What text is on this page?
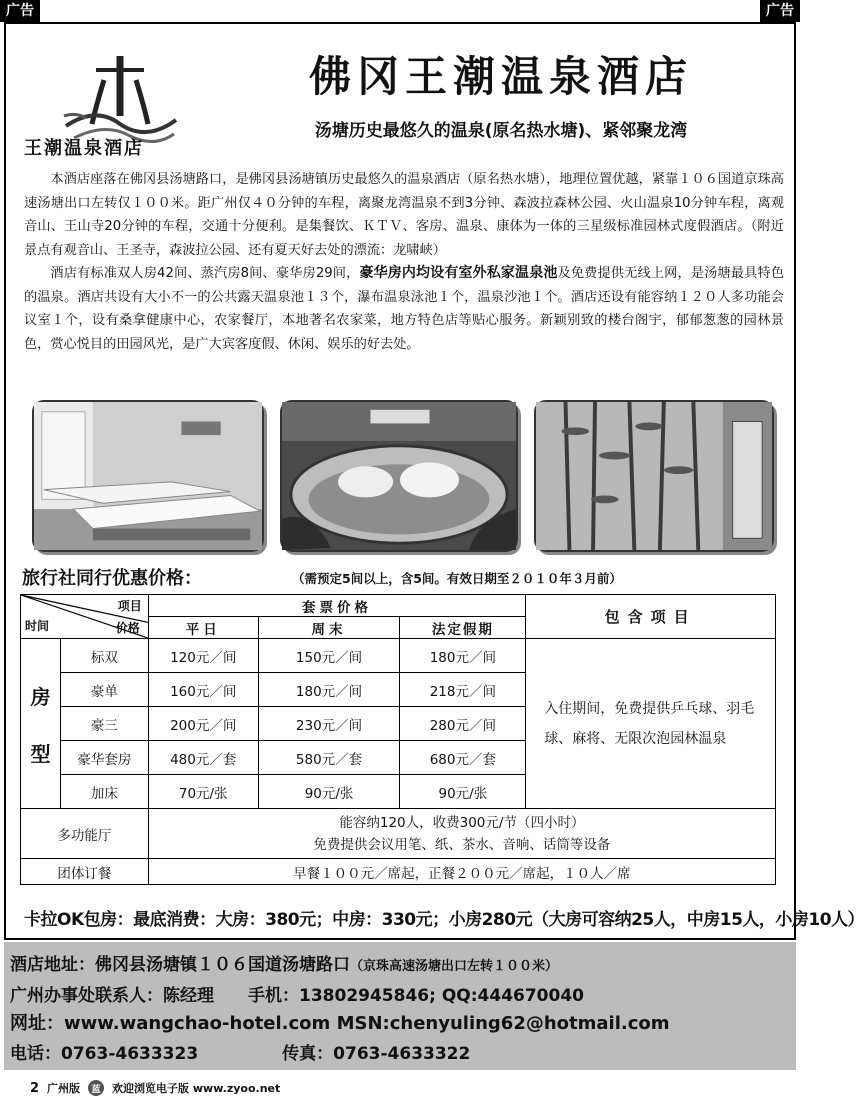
广告	广告
王潮温泉酒店
佛冈王潮温泉酒店
汤塘历史最悠久的温泉(原名热水塘)、紧邻聚龙湾

本酒店座落在佛冈县汤塘路口，是佛冈县汤塘镇历史最悠久的温泉酒店（原名热水塘），地理位置优越，紧靠１０６国道京珠高速汤塘出口左转仅１００米。距广州仅４０分钟的车程，离聚龙湾温泉不到3分钟、森波拉森林公园、火山温泉10分钟车程，离观音山、王山寺20分钟的车程，交通十分便利。是集餐饮、ＫＴＶ、客房、温泉、康体为一体的三星级标准园林式度假酒店。（附近景点有观音山、王圣寺，森波拉公园、还有夏天好去处的漂流：龙啸峡）

酒店有标准双人房42间、蒸汽房8间、豪华房29间，豪华房内均设有室外私家温泉池及免费提供无线上网，是汤塘最具特色的温泉。酒店共设有大小不一的公共露天温泉池１３个，瀑布温泉泳池１个，温泉沙池１个。酒店还设有能容纳１２０人多功能会议室１个，设有桑拿健康中心，农家餐厅，本地著名农家菜，地方特色店等贴心服务。新颖别致的楼台阁宇，郁郁葱葱的园林景色，赏心悦目的田园风光，是广大宾客度假、休闲、娱乐的好去处。

旅行社同行优惠价格：	（需预定5间以上，含5间。有效日期至２０１０年３月前）
项目
价格
时间		套票价格			包含项目
		平日	周末	法定假期	

房
型	标双	120元／间	150元／间	180元／间	入住期间，免费提供乒乓球、羽毛球、麻将、无限次泡园林温泉
	豪单	160元／间	180元／间	218元／间	
	豪三	200元／间	230元／间	280元／间	
	豪华套房	480元／套	580元／套	680元／套	
	加床	70元/张	90元/张	90元/张	
多功能厅		能容纳120人，收费300元/节（四小时）
免费提供会议用笔、纸、茶水、音响、话筒等设备			

团体订餐		早餐１００元／席起，正餐２００元／席起，１０人／席			
卡拉OK包房：最底消费：大房：380元；中房：330元；小房280元（大房可容纳25人，中房15人，小房10人）
酒店地址：佛冈县汤塘镇１０６国道汤塘路口（京珠高速汤塘出口左转１００米）
广州办事处联系人：陈经理　　手机：13802945846; QQ:444670040
网址：www.wangchao-hotel.com MSN:chenyuling62@hotmail.com
电话：0763-4633323	传真：0763-4633322
2 广州版	蓝	欢迎浏览电子版 www.zyoo.net
